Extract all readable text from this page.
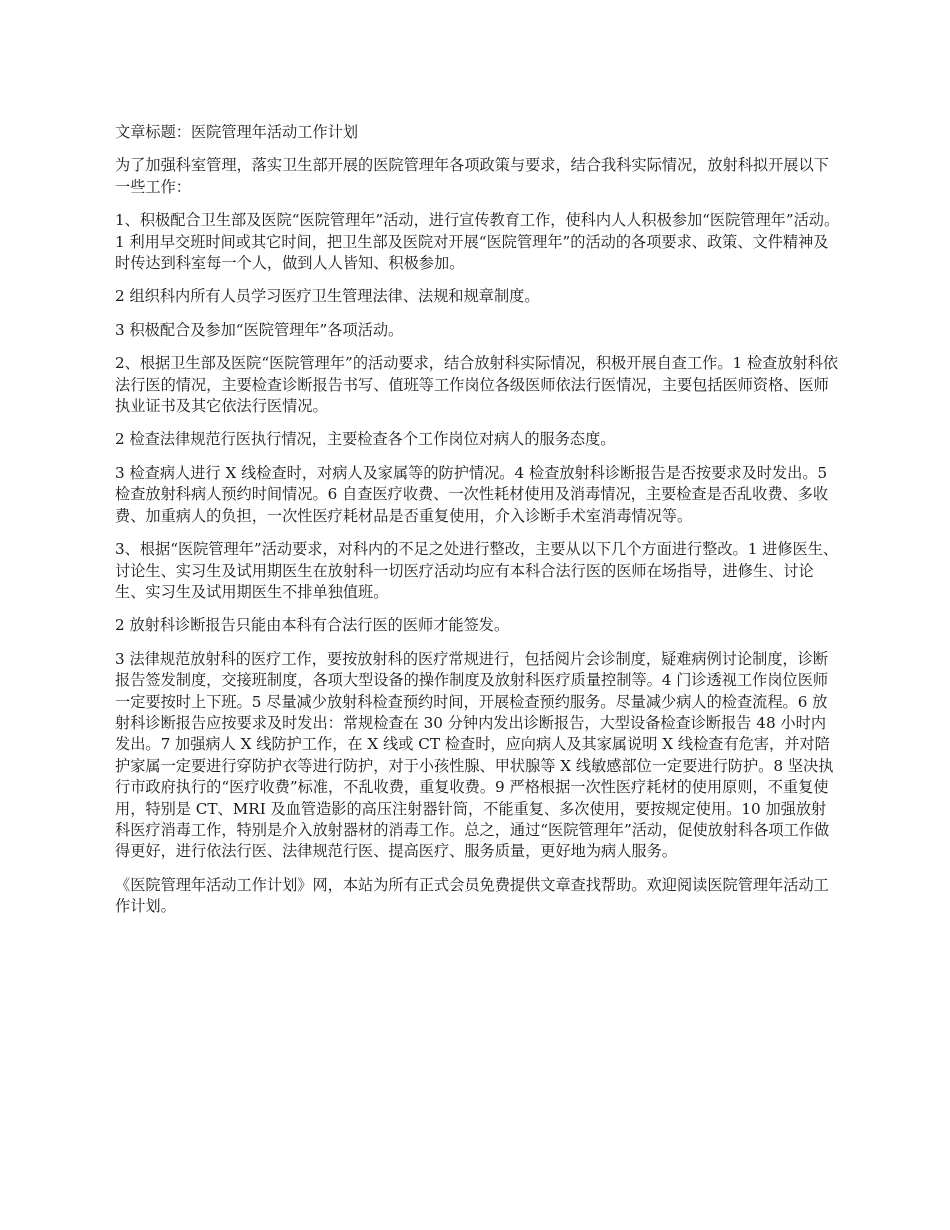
文章标题：医院管理年活动工作计划

为了加强科室管理，落实卫生部开展的医院管理年各项政策与要求，结合我科实际情况，放射科拟开展以下一些工作：

1、积极配合卫生部及医院“医院管理年”活动，进行宣传教育工作，使科内人人积极参加“医院管理年”活动。1 利用早交班时间或其它时间，把卫生部及医院对开展“医院管理年”的活动的各项要求、政策、文件精神及时传达到科室每一个人，做到人人皆知、积极参加。

2 组织科内所有人员学习医疗卫生管理法律、法规和规章制度。

3 积极配合及参加“医院管理年”各项活动。

2、根据卫生部及医院“医院管理年”的活动要求，结合放射科实际情况，积极开展自查工作。1 检查放射科依法行医的情况，主要检查诊断报告书写、值班等工作岗位各级医师依法行医情况，主要包括医师资格、医师执业证书及其它依法行医情况。

2 检查法律规范行医执行情况，主要检查各个工作岗位对病人的服务态度。

3 检查病人进行 X 线检查时，对病人及家属等的防护情况。4 检查放射科诊断报告是否按要求及时发出。5 检查放射科病人预约时间情况。6 自查医疗收费、一次性耗材使用及消毒情况，主要检查是否乱收费、多收费、加重病人的负担，一次性医疗耗材品是否重复使用，介入诊断手术室消毒情况等。

3、根据“医院管理年”活动要求，对科内的不足之处进行整改，主要从以下几个方面进行整改。1 进修医生、讨论生、实习生及试用期医生在放射科一切医疗活动均应有本科合法行医的医师在场指导，进修生、讨论生、实习生及试用期医生不排单独值班。

2 放射科诊断报告只能由本科有合法行医的医师才能签发。

3 法律规范放射科的医疗工作，要按放射科的医疗常规进行，包括阅片会诊制度，疑难病例讨论制度，诊断报告签发制度，交接班制度，各项大型设备的操作制度及放射科医疗质量控制等。4 门诊透视工作岗位医师一定要按时上下班。5 尽量减少放射科检查预约时间，开展检查预约服务。尽量减少病人的检查流程。6 放射科诊断报告应按要求及时发出：常规检查在 30 分钟内发出诊断报告，大型设备检查诊断报告 48 小时内发出。7 加强病人 X 线防护工作，在 X 线或 CT 检查时，应向病人及其家属说明 X 线检查有危害，并对陪护家属一定要进行穿防护衣等进行防护，对于小孩性腺、甲状腺等 X 线敏感部位一定要进行防护。8 坚决执行市政府执行的“医疗收费”标准，不乱收费，重复收费。9 严格根据一次性医疗耗材的使用原则，不重复使用，特别是 CT、MRI 及血管造影的高压注射器针筒，不能重复、多次使用，要按规定使用。10 加强放射科医疗消毒工作，特别是介入放射器材的消毒工作。总之，通过“医院管理年”活动，促使放射科各项工作做得更好，进行依法行医、法律规范行医、提高医疗、服务质量，更好地为病人服务。

《医院管理年活动工作计划》网，本站为所有正式会员免费提供文章查找帮助。欢迎阅读医院管理年活动工作计划。
